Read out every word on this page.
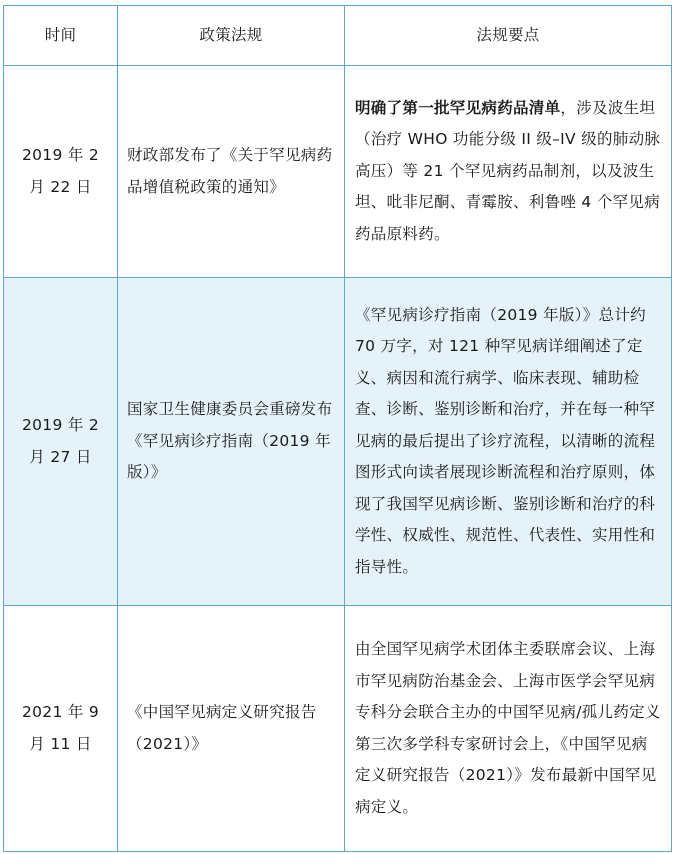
时间	政策法规	法规要点
2019 年 2 月 22 日	财政部发布了《关于罕见病药品增值税政策的通知》	明确了第一批罕见病药品清单，涉及波生坦（治疗 WHO 功能分级 II 级–IV 级的肺动脉高压）等 21 个罕见病药品制剂，以及波生坦、吡非尼酮、青霉胺、利鲁唑 4 个罕见病药品原料药。
2019 年 2 月 27 日	国家卫生健康委员会重磅发布《罕见病诊疗指南（2019 年版）》	《罕见病诊疗指南（2019 年版）》总计约 70 万字，对 121 种罕见病详细阐述了定义、病因和流行病学、临床表现、辅助检查、诊断、鉴别诊断和治疗，并在每一种罕见病的最后提出了诊疗流程，以清晰的流程图形式向读者展现诊断流程和治疗原则，体现了我国罕见病诊断、鉴别诊断和治疗的科学性、权威性、规范性、代表性、实用性和指导性。
2021 年 9 月 11 日	《中国罕见病定义研究报告（2021）》	由全国罕见病学术团体主委联席会议、上海市罕见病防治基金会、上海市医学会罕见病专科分会联合主办的中国罕见病/孤儿药定义第三次多学科专家研讨会上，《中国罕见病定义研究报告（2021）》发布最新中国罕见病定义。
